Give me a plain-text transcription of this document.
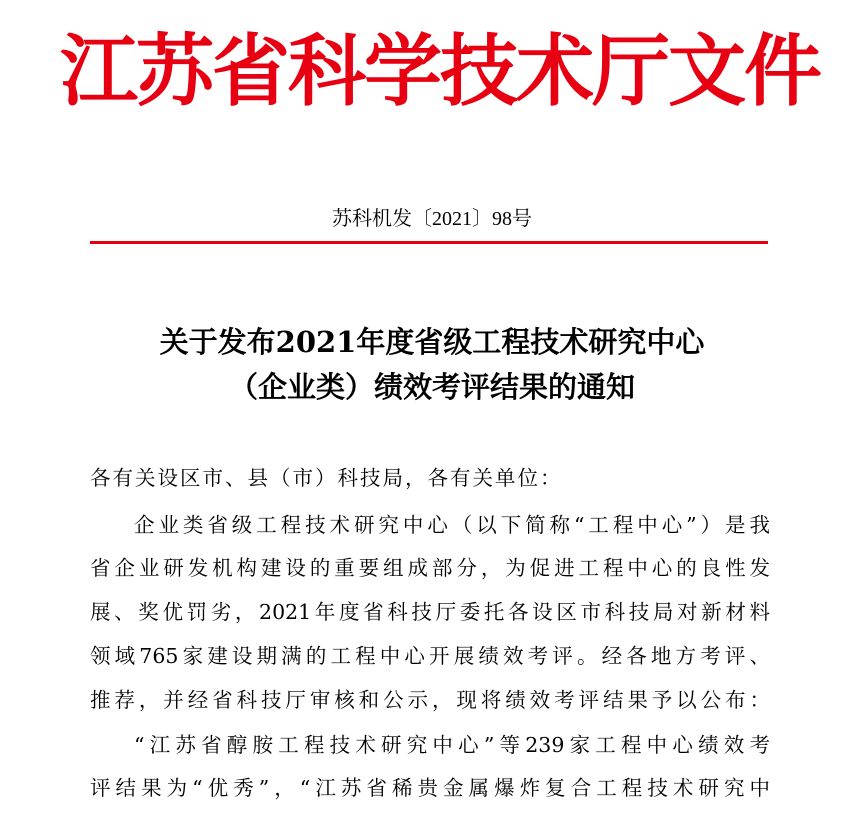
江苏省科学技术厅文件
苏科机发〔2021〕98号
关于发布2021年度省级工程技术研究中心
（企业类）绩效考评结果的通知

各有关设区市、县（市）科技局，各有关单位：

企业类省级工程技术研究中心（以下简称“工程中心”）是我

省企业研发机构建设的重要组成部分，为促进工程中心的良性发

展、奖优罚劣，2021年度省科技厅委托各设区市科技局对新材料

领域765家建设期满的工程中心开展绩效考评。经各地方考评、

推荐，并经省科技厅审核和公示，现将绩效考评结果予以公布：

“江苏省醇胺工程技术研究中心”等239家工程中心绩效考

评结果为“优秀”，“江苏省稀贵金属爆炸复合工程技术研究中
